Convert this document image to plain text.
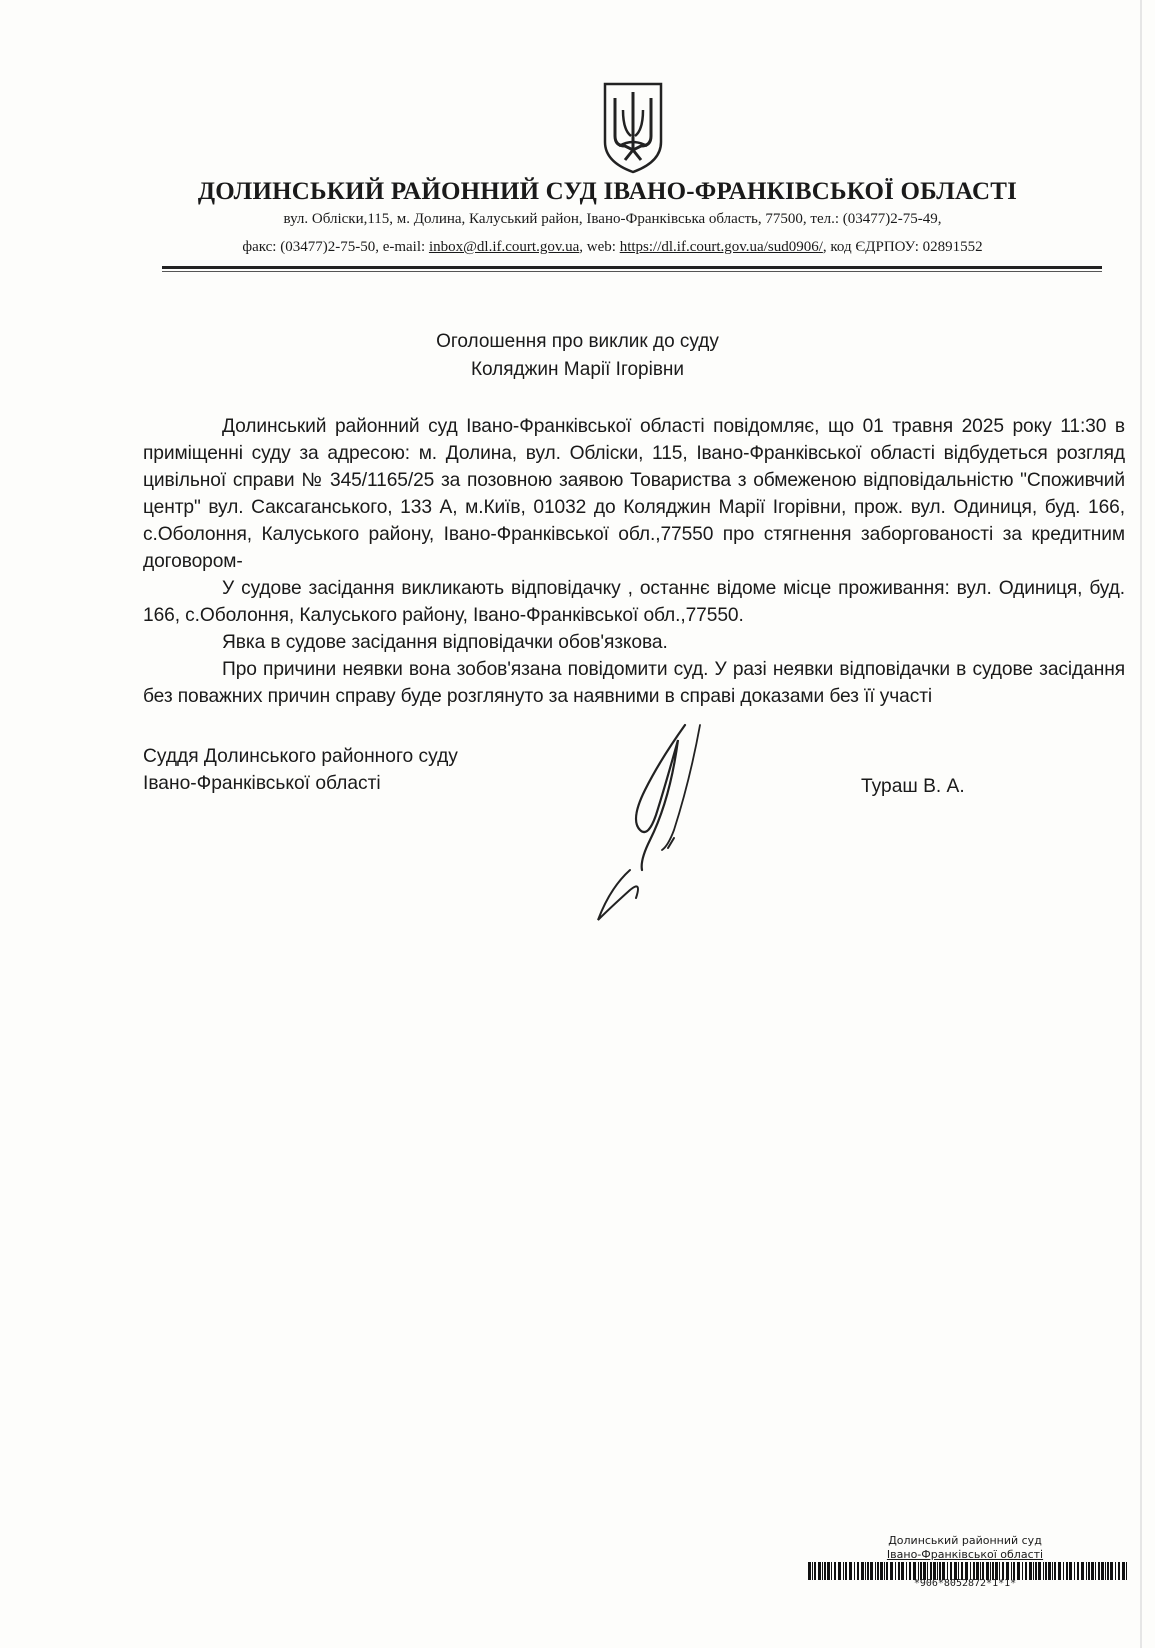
ДОЛИНСЬКИЙ РАЙОННИЙ СУД ІВАНО-ФРАНКІВСЬКОЇ ОБЛАСТІ
вул. Облiски,115, м. Долина, Калуський район, Iвано-Франкiвська область, 77500, тел.: (03477)2-75-49,
факс: (03477)2-75-50, e-mail: inbox@dl.if.court.gov.ua, web: https://dl.if.court.gov.ua/sud0906/, код ЄДРПОУ: 02891552
Оголошення про виклик до суду
Коляджин Марії Ігорівни

Долинський районний суд Івано-Франківської області повідомляє, що 01 травня 2025 року 11:30 в приміщенні суду за адресою: м. Долина, вул. Обліски, 115, Івано-Франківської області відбудеться розгляд цивільної справи № 345/1165/25 за позовною заявою Товариства з обмеженою відповідальністю "Споживчий центр" вул. Саксаганського, 133 А, м.Київ, 01032 до Коляджин Марії Ігорівни, прож. вул. Одиниця, буд. 166, с.Оболоння, Калуського району, Івано-Франківської обл.,77550 про стягнення заборгованості за кредитним договором-

У судове засідання викликають відповідачку , останнє відоме місце проживання: вул. Одиниця, буд. 166, с.Оболоння, Калуського району, Івано-Франківської обл.,77550.

Явка в судове засідання відповідачки обов'язкова.

Про причини неявки вона зобов'язана повідомити суд. У разі неявки відповідачки в судове засідання без поважних причин справу буде розглянуто за наявними в справі доказами без її участі

Суддя Долинського районного суду
Івано-Франківської області	Тураш В. А.
Долинський районний суд
Івано-Франківської області
*906*8052872*1*1*
